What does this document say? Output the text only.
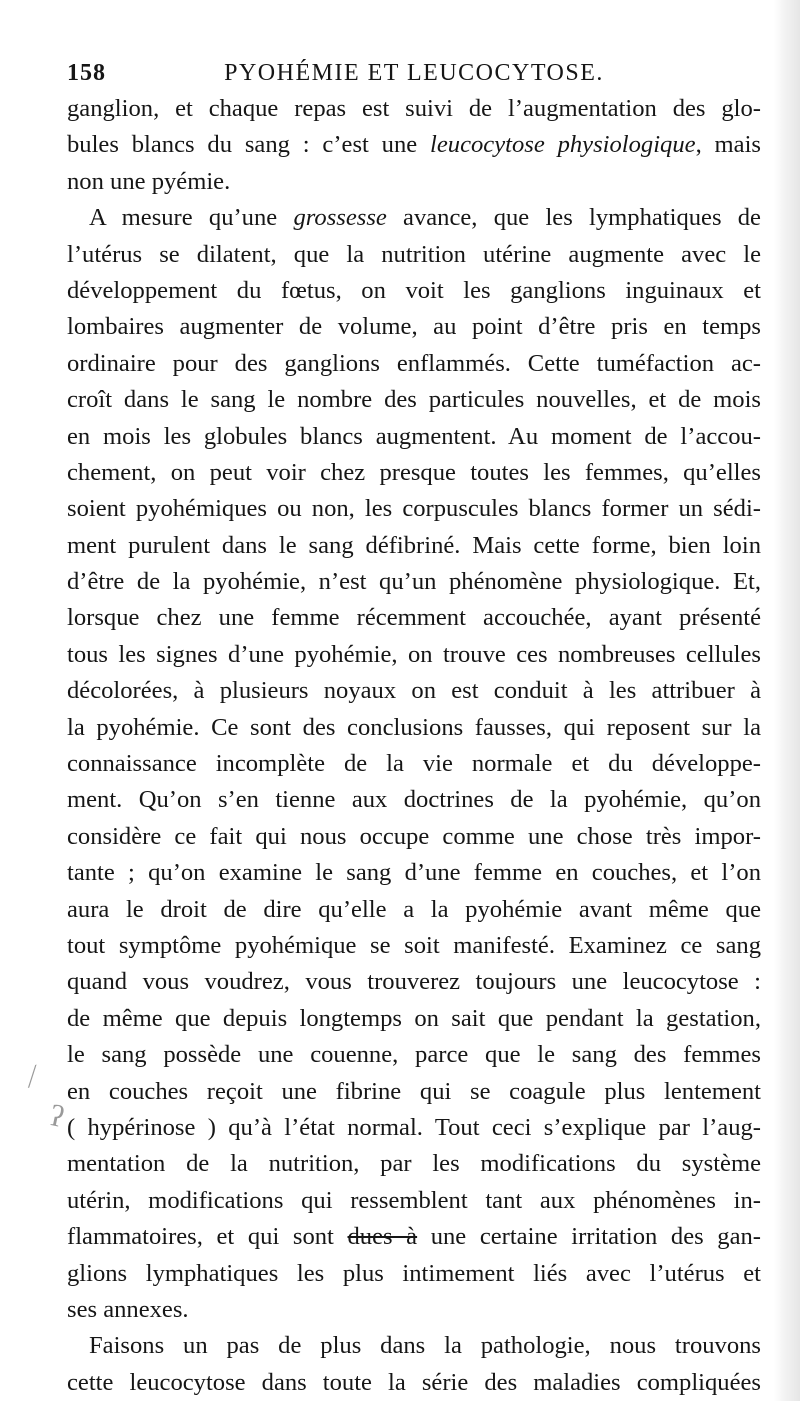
158	PYOHÉMIE ET LEUCOCYTOSE.
ganglion, et chaque repas est suivi de l’augmentation des glo-
bules blancs du sang : c’est une leucocytose physiologique, mais
non une pyémie.
A mesure qu’une grossesse avance, que les lymphatiques de
l’utérus se dilatent, que la nutrition utérine augmente avec le
développement du fœtus, on voit les ganglions inguinaux et
lombaires augmenter de volume, au point d’être pris en temps
ordinaire pour des ganglions enflammés. Cette tuméfaction ac-
croît dans le sang le nombre des particules nouvelles, et de mois
en mois les globules blancs augmentent. Au moment de l’accou-
chement, on peut voir chez presque toutes les femmes, qu’elles
soient pyohémiques ou non, les corpuscules blancs former un sédi-
ment purulent dans le sang défibriné. Mais cette forme, bien loin
d’être de la pyohémie, n’est qu’un phénomène physiologique. Et,
lorsque chez une femme récemment accouchée, ayant présenté
tous les signes d’une pyohémie, on trouve ces nombreuses cellules
décolorées, à plusieurs noyaux on est conduit à les attribuer à
la pyohémie. Ce sont des conclusions fausses, qui reposent sur la
connaissance incomplète de la vie normale et du développe-
ment. Qu’on s’en tienne aux doctrines de la pyohémie, qu’on
considère ce fait qui nous occupe comme une chose très impor-
tante ; qu’on examine le sang d’une femme en couches, et l’on
aura le droit de dire qu’elle a la pyohémie avant même que
tout symptôme pyohémique se soit manifesté. Examinez ce sang
quand vous voudrez, vous trouverez toujours une leucocytose :
de même que depuis longtemps on sait que pendant la gestation,
le sang possède une couenne, parce que le sang des femmes
en couches reçoit une fibrine qui se coagule plus lentement
( hypérinose ) qu’à l’état normal. Tout ceci s’explique par l’aug-
mentation de la nutrition, par les modifications du système
utérin, modifications qui ressemblent tant aux phénomènes in-
flammatoires, et qui sont dues à une certaine irritation des gan-
glions lymphatiques les plus intimement liés avec l’utérus et
ses annexes.
Faisons un pas de plus dans la pathologie, nous trouvons
cette leucocytose dans toute la série des maladies compliquées
⁄
ʔ
